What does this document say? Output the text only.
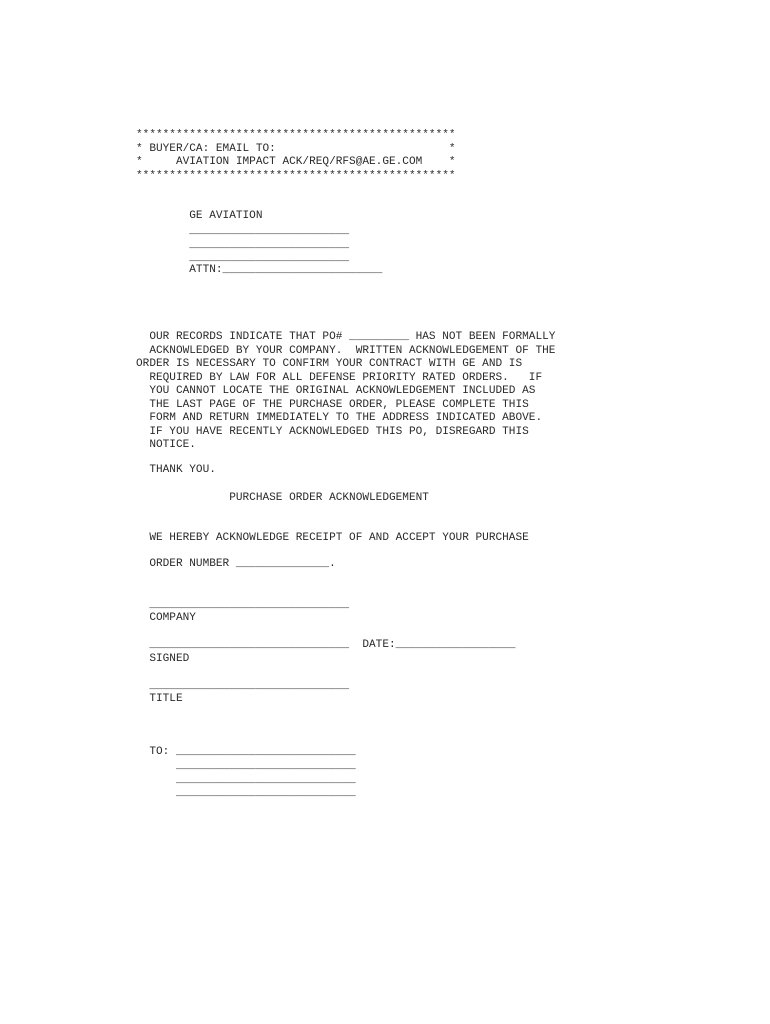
************************************************

* BUYER/CA: EMAIL TO:                          *

*     AVIATION IMPACT ACK/REQ/RFS@AE.GE.COM    *

************************************************

GE AVIATION

________________________

________________________

________________________

ATTN:________________________

OUR RECORDS INDICATE THAT PO# _________ HAS NOT BEEN FORMALLY

ACKNOWLEDGED BY YOUR COMPANY.  WRITTEN ACKNOWLEDGEMENT OF THE

ORDER IS NECESSARY TO CONFIRM YOUR CONTRACT WITH GE AND IS

REQUIRED BY LAW FOR ALL DEFENSE PRIORITY RATED ORDERS.   IF

YOU CANNOT LOCATE THE ORIGINAL ACKNOWLEDGEMENT INCLUDED AS

THE LAST PAGE OF THE PURCHASE ORDER, PLEASE COMPLETE THIS

FORM AND RETURN IMMEDIATELY TO THE ADDRESS INDICATED ABOVE.

IF YOU HAVE RECENTLY ACKNOWLEDGED THIS PO, DISREGARD THIS

NOTICE.

THANK YOU.

PURCHASE ORDER ACKNOWLEDGEMENT

WE HEREBY ACKNOWLEDGE RECEIPT OF AND ACCEPT YOUR PURCHASE

ORDER NUMBER ______________.

______________________________

COMPANY

______________________________  DATE:__________________

SIGNED

______________________________

TITLE

TO: ___________________________

___________________________

___________________________

___________________________
